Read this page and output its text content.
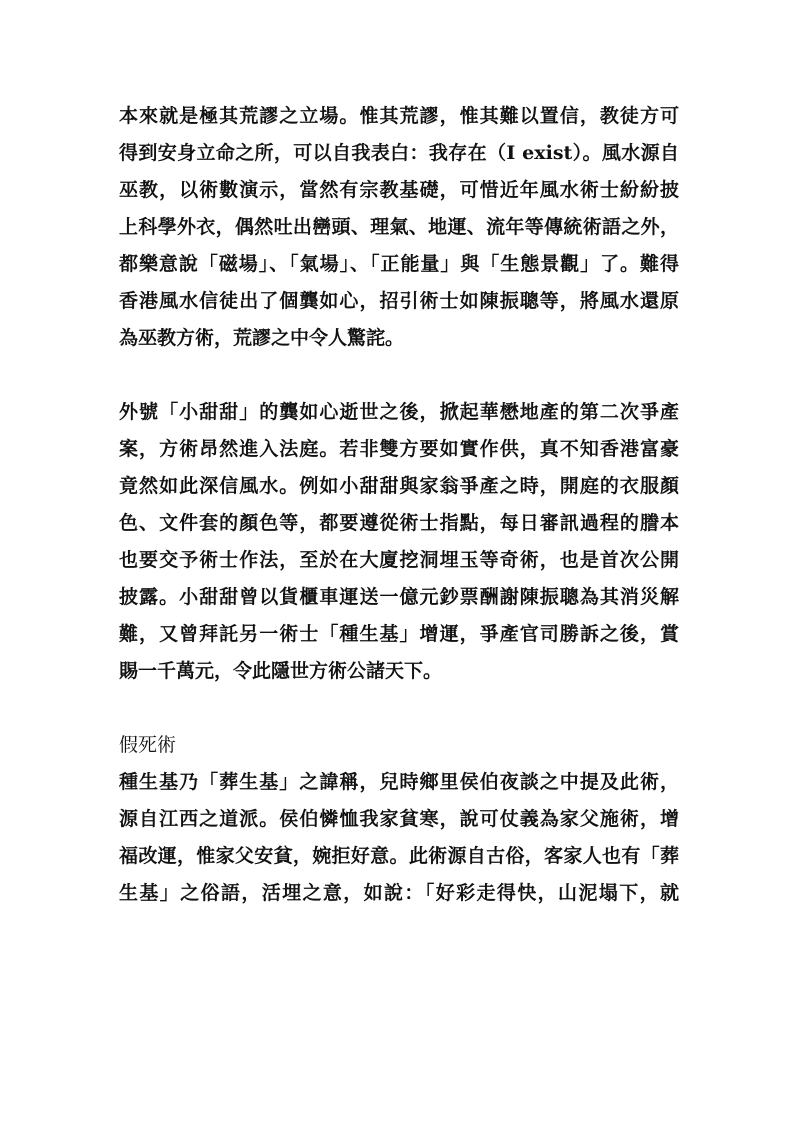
本來就是極其荒謬之立場。惟其荒謬，惟其難以置信，教徒方可
得到安身立命之所，可以自我表白：我存在（I exist）。風水源自
巫教，以術數演示，當然有宗教基礎，可惜近年風水術士紛紛披
上科學外衣，偶然吐出巒頭、理氣、地運、流年等傳統術語之外，
都樂意說「磁場」、「氣場」、「正能量」與「生態景觀」了。難得
香港風水信徒出了個龔如心，招引術士如陳振聰等，將風水還原
為巫教方術，荒謬之中令人驚詫。
外號「小甜甜」的龔如心逝世之後，掀起華懋地產的第二次爭產
案，方術昂然進入法庭。若非雙方要如實作供，真不知香港富豪
竟然如此深信風水。例如小甜甜與家翁爭產之時，開庭的衣服顏
色、文件套的顏色等，都要遵從術士指點，每日審訊過程的謄本
也要交予術士作法，至於在大廈挖洞埋玉等奇術，也是首次公開
披露。小甜甜曾以貨櫃車運送一億元鈔票酬謝陳振聰為其消災解
難，又曾拜託另一術士「種生基」增運，爭產官司勝訴之後，賞
賜一千萬元，令此隱世方術公諸天下。
假死術
種生基乃「葬生基」之諱稱，兒時鄉里侯伯夜談之中提及此術，
源自江西之道派。侯伯憐恤我家貧寒，說可仗義為家父施術，增
福改運，惟家父安貧，婉拒好意。此術源自古俗，客家人也有「葬
生基」之俗語，活埋之意，如說：「好彩走得快，山泥塌下，就
